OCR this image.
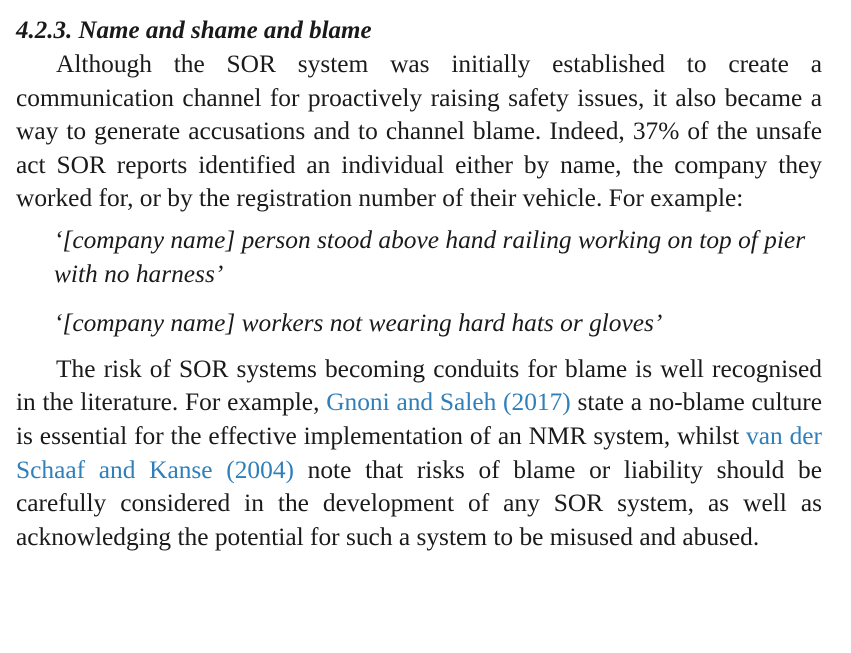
4.2.3. Name and shame and blame

Although the SOR system was initially established to create a communication channel for proactively raising safety issues, it also became a way to generate accusations and to channel blame. Indeed, 37% of the unsafe act SOR reports identified an individual either by name, the company they worked for, or by the registration number of their vehicle. For example:

‘[company name] person stood above hand railing working on top of pier with no harness’

‘[company name] workers not wearing hard hats or gloves’

The risk of SOR systems becoming conduits for blame is well recognised in the literature. For example, Gnoni and Saleh (2017) state a no-blame culture is essential for the effective implementation of an NMR system, whilst van der Schaaf and Kanse (2004) note that risks of blame or liability should be carefully considered in the development of any SOR system, as well as acknowledging the potential for such a system to be misused and abused.
